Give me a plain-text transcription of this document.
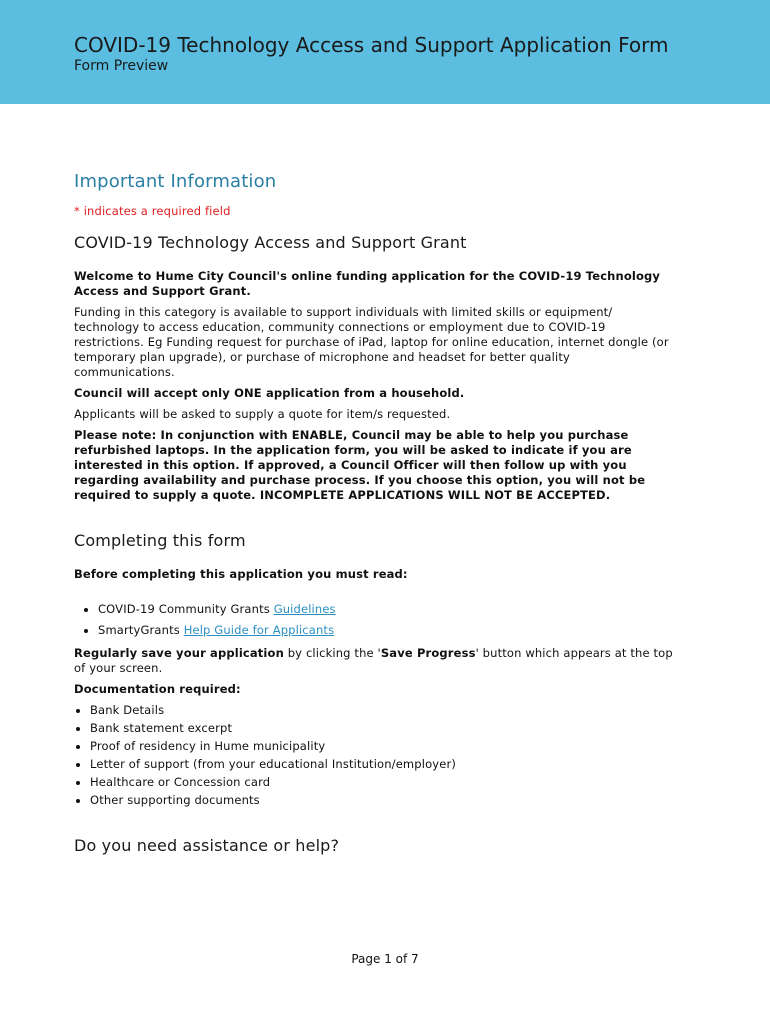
COVID-19 Technology Access and Support Application Form
Form Preview
Important Information
* indicates a required field
COVID-19 Technology Access and Support Grant

Welcome to Hume City Council's online funding application for the COVID-19 Technology Access and Support Grant.

Funding in this category is available to support individuals with limited skills or equipment/ technology to access education, community connections or employment due to COVID-19 restrictions. Eg Funding request for purchase of iPad, laptop for online education, internet dongle (or temporary plan upgrade), or purchase of microphone and headset for better quality communications.

Council will accept only ONE application from a household.

Applicants will be asked to supply a quote for item/s requested.

Please note: In conjunction with ENABLE, Council may be able to help you purchase refurbished laptops. In the application form, you will be asked to indicate if you are interested in this option. If approved, a Council Officer will then follow up with you regarding availability and purchase process. If you choose this option, you will not be required to supply a quote. INCOMPLETE APPLICATIONS WILL NOT BE ACCEPTED.

Completing this form

Before completing this application you must read:

• COVID-19 Community Grants Guidelines
• SmartyGrants Help Guide for Applicants

Regularly save your application by clicking the 'Save Progress' button which appears at the top of your screen.

Documentation required:

• Bank Details
• Bank statement excerpt
• Proof of residency in Hume municipality
• Letter of support (from your educational Institution/employer)
• Healthcare or Concession card
• Other supporting documents
Do you need assistance or help?
Page 1 of 7
